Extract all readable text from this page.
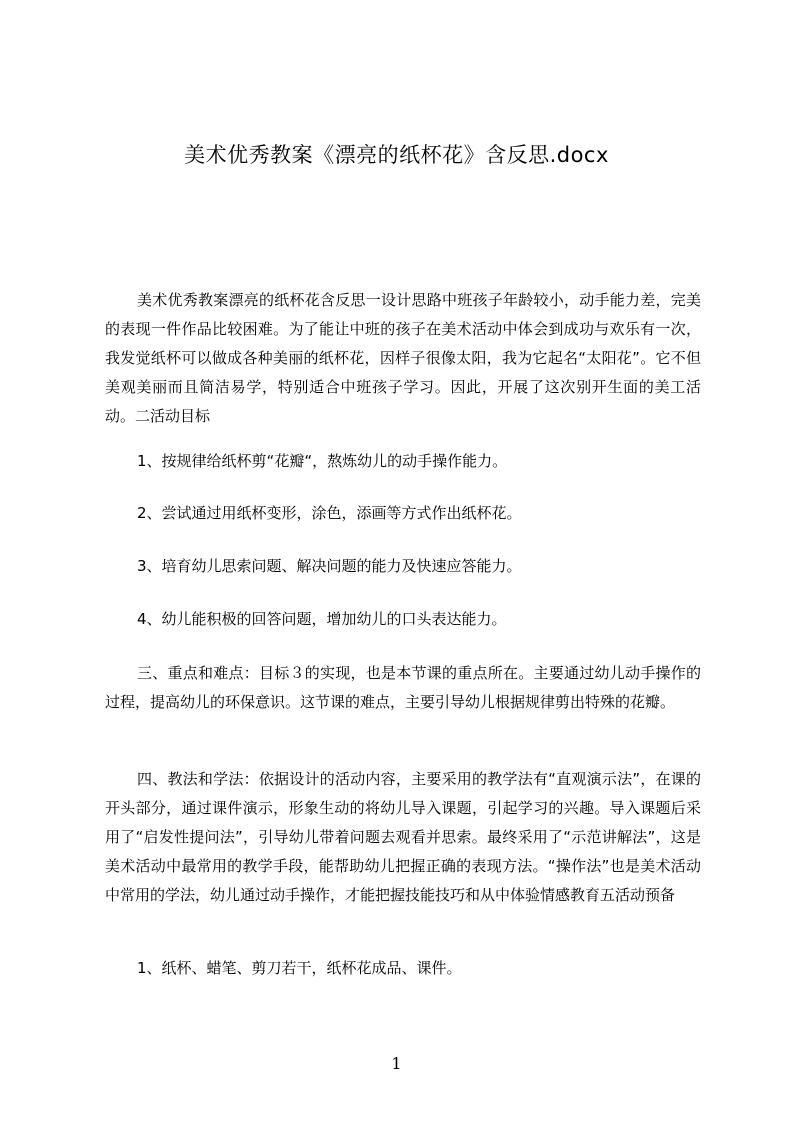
美术优秀教案《漂亮的纸杯花》含反思.docx

美术优秀教案漂亮的纸杯花含反思一设计思路中班孩子年龄较小，动手能力差，完美的表现一件作品比较困难。为了能让中班的孩子在美术活动中体会到成功与欢乐有一次，我发觉纸杯可以做成各种美丽的纸杯花，因样子很像太阳，我为它起名“太阳花”。它不但美观美丽而且简洁易学，特别适合中班孩子学习。因此，开展了这次别开生面的美工活动。二活动目标

1、按规律给纸杯剪“花瓣“，熬炼幼儿的动手操作能力。

2、尝试通过用纸杯变形，涂色，添画等方式作出纸杯花。

3、培育幼儿思索问题、解决问题的能力及快速应答能力。

4、幼儿能积极的回答问题，增加幼儿的口头表达能力。

三、重点和难点：目标３的实现，也是本节课的重点所在。主要通过幼儿动手操作的过程，提高幼儿的环保意识。这节课的难点，主要引导幼儿根据规律剪出特殊的花瓣。

四、教法和学法：依据设计的活动内容，主要采用的教学法有“直观演示法”，在课的开头部分，通过课件演示，形象生动的将幼儿导入课题，引起学习的兴趣。导入课题后采用了“启发性提问法”，引导幼儿带着问题去观看并思索。最终采用了“示范讲解法”，这是美术活动中最常用的教学手段，能帮助幼儿把握正确的表现方法。“操作法”也是美术活动中常用的学法，幼儿通过动手操作，才能把握技能技巧和从中体验情感教育五活动预备

1、纸杯、蜡笔、剪刀若干，纸杯花成品、课件。

1
